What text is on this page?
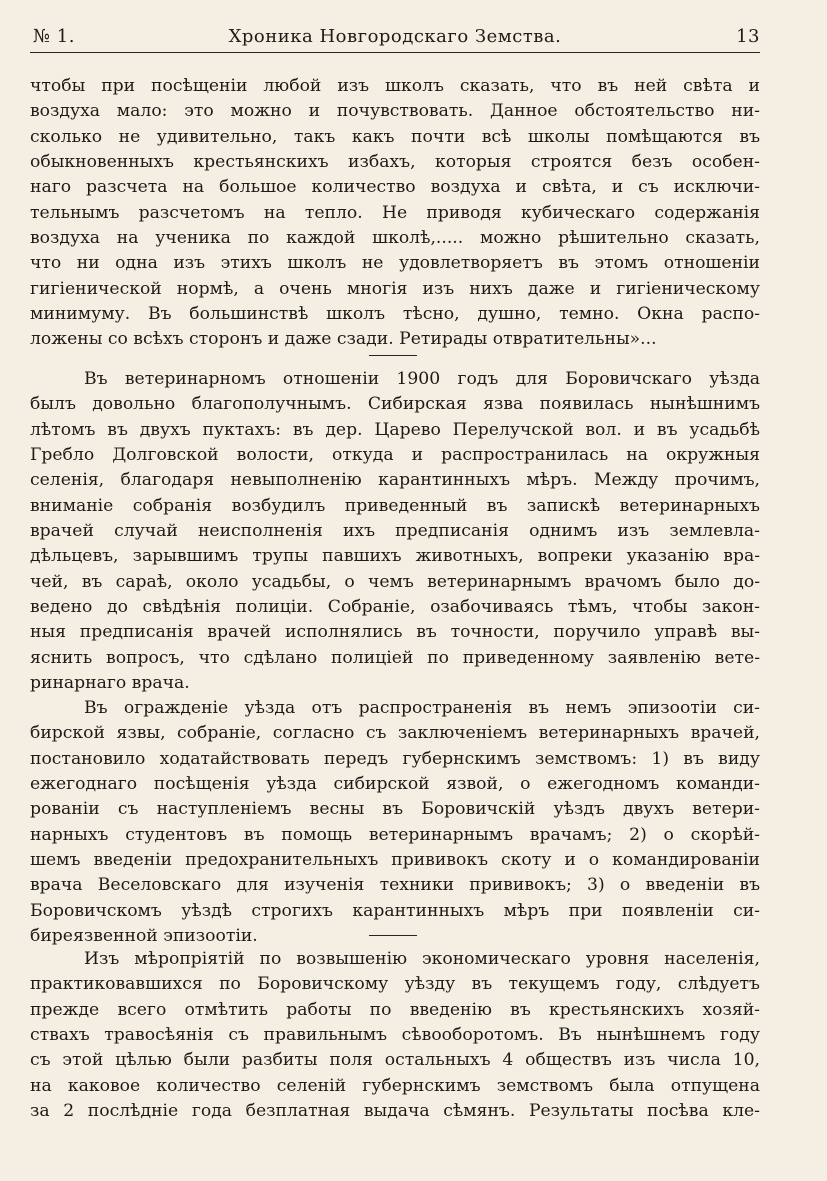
№ 1.	Хроника Новгородскаго Земства.	13

чтобы при посѣщеніи любой изъ школъ сказать, что въ ней свѣта и
воздуха мало: это можно и почувствовать. Данное обстоятельство ни-
сколько не удивительно, такъ какъ почти всѣ школы помѣщаются въ
обыкновенныхъ крестьянскихъ избахъ, которыя строятся безъ особен-
наго разсчета на большое количество воздуха и свѣта, и съ исключи-
тельнымъ разсчетомъ на тепло. Не приводя кубическаго содержанія
воздуха на ученика по каждой школѣ,..... можно рѣшительно сказать,
что ни одна изъ этихъ школъ не удовлетворяетъ въ этомъ отношеніи
гигіенической нормѣ, а очень многія изъ нихъ даже и гигіеническому
минимуму. Въ большинствѣ школъ тѣсно, душно, темно. Окна распо-
ложены со всѣхъ сторонъ и даже сзади. Ретирады отвратительны»...

Въ ветеринарномъ отношеніи 1900 годъ для Боровичскаго уѣзда
былъ довольно благополучнымъ. Сибирская язва появилась нынѣшнимъ
лѣтомъ въ двухъ пуктахъ: въ дер. Царево Перелучской вол. и въ усадьбѣ
Гребло Долговской волости, откуда и распространилась на окружныя
селенія, благодаря невыполненію карантинныхъ мѣръ. Между прочимъ,
вниманіе собранія возбудилъ приведенный въ запискѣ ветеринарныхъ
врачей случай неисполненія ихъ предписанія однимъ изъ землевла-
дѣльцевъ, зарывшимъ трупы павшихъ животныхъ, вопреки указанію вра-
чей, въ сараѣ, около усадьбы, о чемъ ветеринарнымъ врачомъ было до-
ведено до свѣдѣнія полиціи. Собраніе, озабочиваясь тѣмъ, чтобы закон-
ныя предписанія врачей исполнялись въ точности, поручило управѣ вы-
яснить вопросъ, что сдѣлано полиціей по приведенному заявленію вете-
ринарнаго врача.

Въ огражденіе уѣзда отъ распространенія въ немъ эпизоотіи си-
бирской язвы, собраніе, согласно съ заключеніемъ ветеринарныхъ врачей,
постановило ходатайствовать передъ губернскимъ земствомъ: 1) въ виду
ежегоднаго посѣщенія уѣзда сибирской язвой, о ежегодномъ команди-
рованіи съ наступленіемъ весны въ Боровичскій уѣздъ двухъ ветери-
нарныхъ студентовъ въ помощь ветеринарнымъ врачамъ; 2) о скорѣй-
шемъ введеніи предохранительныхъ прививокъ скоту и о командированіи
врача Веселовскаго для изученія техники прививокъ; 3) о введеніи въ
Боровичскомъ уѣздѣ строгихъ карантинныхъ мѣръ при появленіи си-
бирeязвенной эпизоотіи.

Изъ мѣропріятій по возвышенію экономическаго уровня населенія,
практиковавшихся по Боровичскому уѣзду въ текущемъ году, слѣдуетъ
прежде всего отмѣтить работы по введенію въ крестьянскихъ хозяй-
ствахъ травосѣянія съ правильнымъ сѣвооборотомъ. Въ нынѣшнемъ году
съ этой цѣлью были разбиты поля остальныхъ 4 обществъ изъ числа 10,
на каковое количество селеній губернскимъ земствомъ была отпущена
за 2 послѣдніе года безплатная выдача сѣмянъ. Результаты посѣва кле-
